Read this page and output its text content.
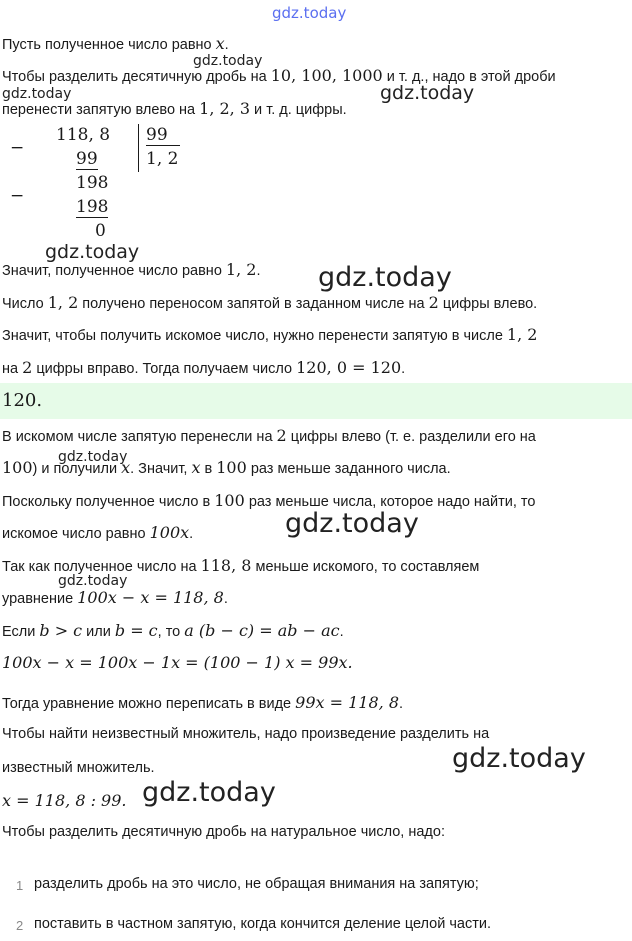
gdz.today
gdz.today
gdz.today	gdz.today
gdz.today
gdz.today
gdz.today
gdz.today
gdz.today
gdz.today
gdz.today
Пусть полученное число равно x.
Чтобы разделить десятичную дробь на 10, 100, 1000 и т. д., надо в этой дроби
перенести запятую влево на 1, 2, 3 и т. д. цифры.
−
118, 8
99
−
198
198
0
99
1, 2
Значит, полученное число равно 1, 2.
Число 1, 2 получено переносом запятой в заданном числе на 2 цифры влево.
Значит, чтобы получить искомое число, нужно перенести запятую в числе 1, 2
на 2 цифры вправо. Тогда получаем число 120, 0 = 120.
120.
В искомом числе запятую перенесли на 2 цифры влево (т. е. разделили его на
100) и получили x. Значит, x в 100 раз меньше заданного числа.
Поскольку полученное число в 100 раз меньше числа, которое надо найти, то
искомое число равно 100x.
Так как полученное число на 118, 8 меньше искомого, то составляем
уравнение 100x − x = 118, 8.
Если b > c или b = c, то a (b − c) = ab − ac.
100x − x = 100x − 1x = (100 − 1) x = 99x.
Тогда уравнение можно переписать в виде 99x = 118, 8.
Чтобы найти неизвестный множитель, надо произведение разделить на
известный множитель.
x = 118, 8 : 99.
Чтобы разделить десятичную дробь на натуральное число, надо:
1 разделить дробь на это число, не обращая внимания на запятую;
2 поставить в частном запятую, когда кончится деление целой части.
